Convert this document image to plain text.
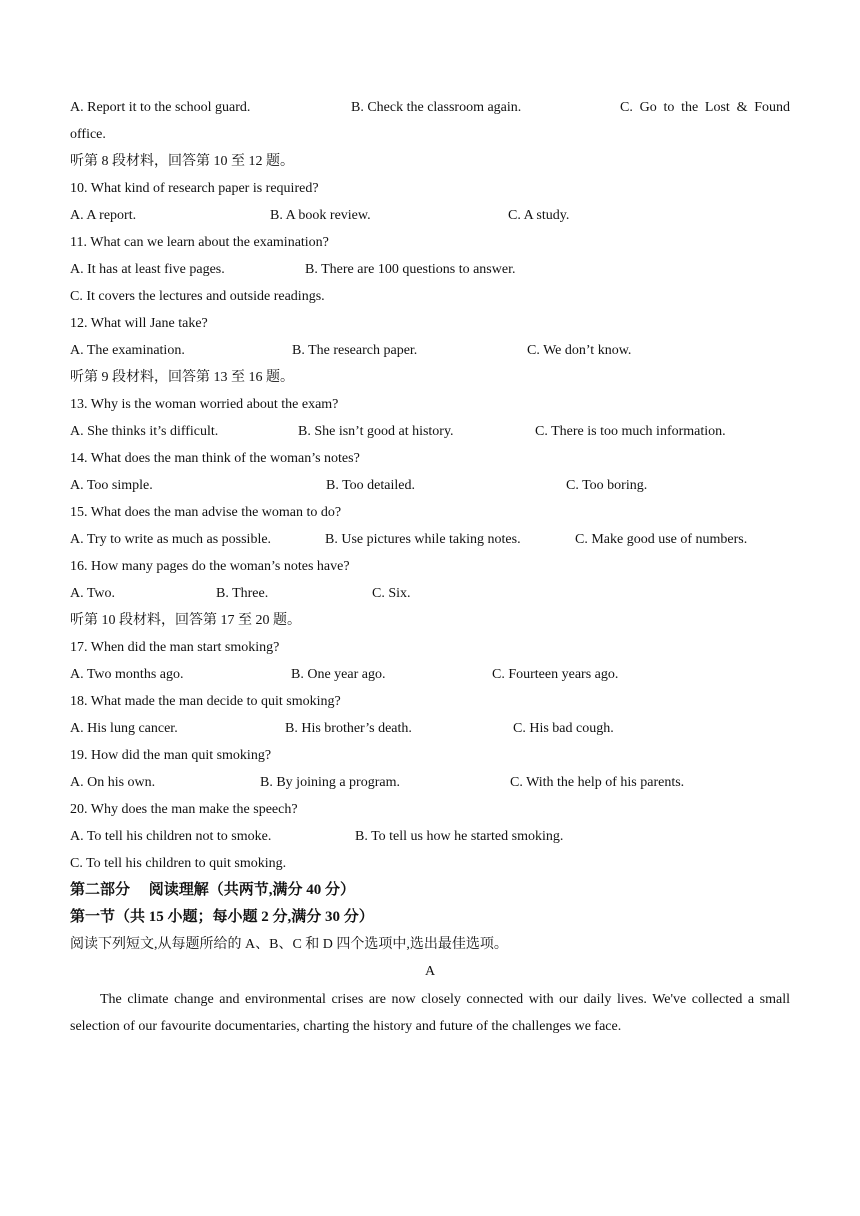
A. Report it to the school guard.	B. Check the classroom again.	C. Go to the Lost & Found
office.
听第 8 段材料，回答第 10 至 12 题。
10. What kind of research paper is required?
A. A report.	B. A book review.	C. A study.
11. What can we learn about the examination?
A. It has at least five pages.	B. There are 100 questions to answer.
C. It covers the lectures and outside readings.
12. What will Jane take?
A. The examination.	B. The research paper.	C. We don’t know.
听第 9 段材料，回答第 13 至 16 题。
13. Why is the woman worried about the exam?
A. She thinks it’s difficult.	B. She isn’t good at history.	C. There is too much information.
14. What does the man think of the woman’s notes?
A. Too simple.	B. Too detailed.	C. Too boring.
15. What does the man advise the woman to do?
A. Try to write as much as possible.	B. Use pictures while taking notes.	C. Make good use of numbers.
16. How many pages do the woman’s notes have?
A. Two.	B. Three.	C. Six.
听第 10 段材料，回答第 17 至 20 题。
17. When did the man start smoking?
A. Two months ago.	B. One year ago.	C. Fourteen years ago.
18. What made the man decide to quit smoking?
A. His lung cancer.	B. His brother’s death.	C. His bad cough.
19. How did the man quit smoking?
A. On his own.	B. By joining a program.	C. With the help of his parents.
20. Why does the man make the speech?
A. To tell his children not to smoke.	B. To tell us how he started smoking.
C. To tell his children to quit smoking.
第二部分　 阅读理解（共两节,满分 40 分）
第一节（共 15 小题；每小题 2 分,满分 30 分）
阅读下列短文,从每题所给的 A、B、C 和 D 四个选项中,选出最佳选项。
A
The climate change and environmental crises are now closely connected with our daily lives. We've collected a small selection of our favourite documentaries, charting the history and future of the challenges we face.
